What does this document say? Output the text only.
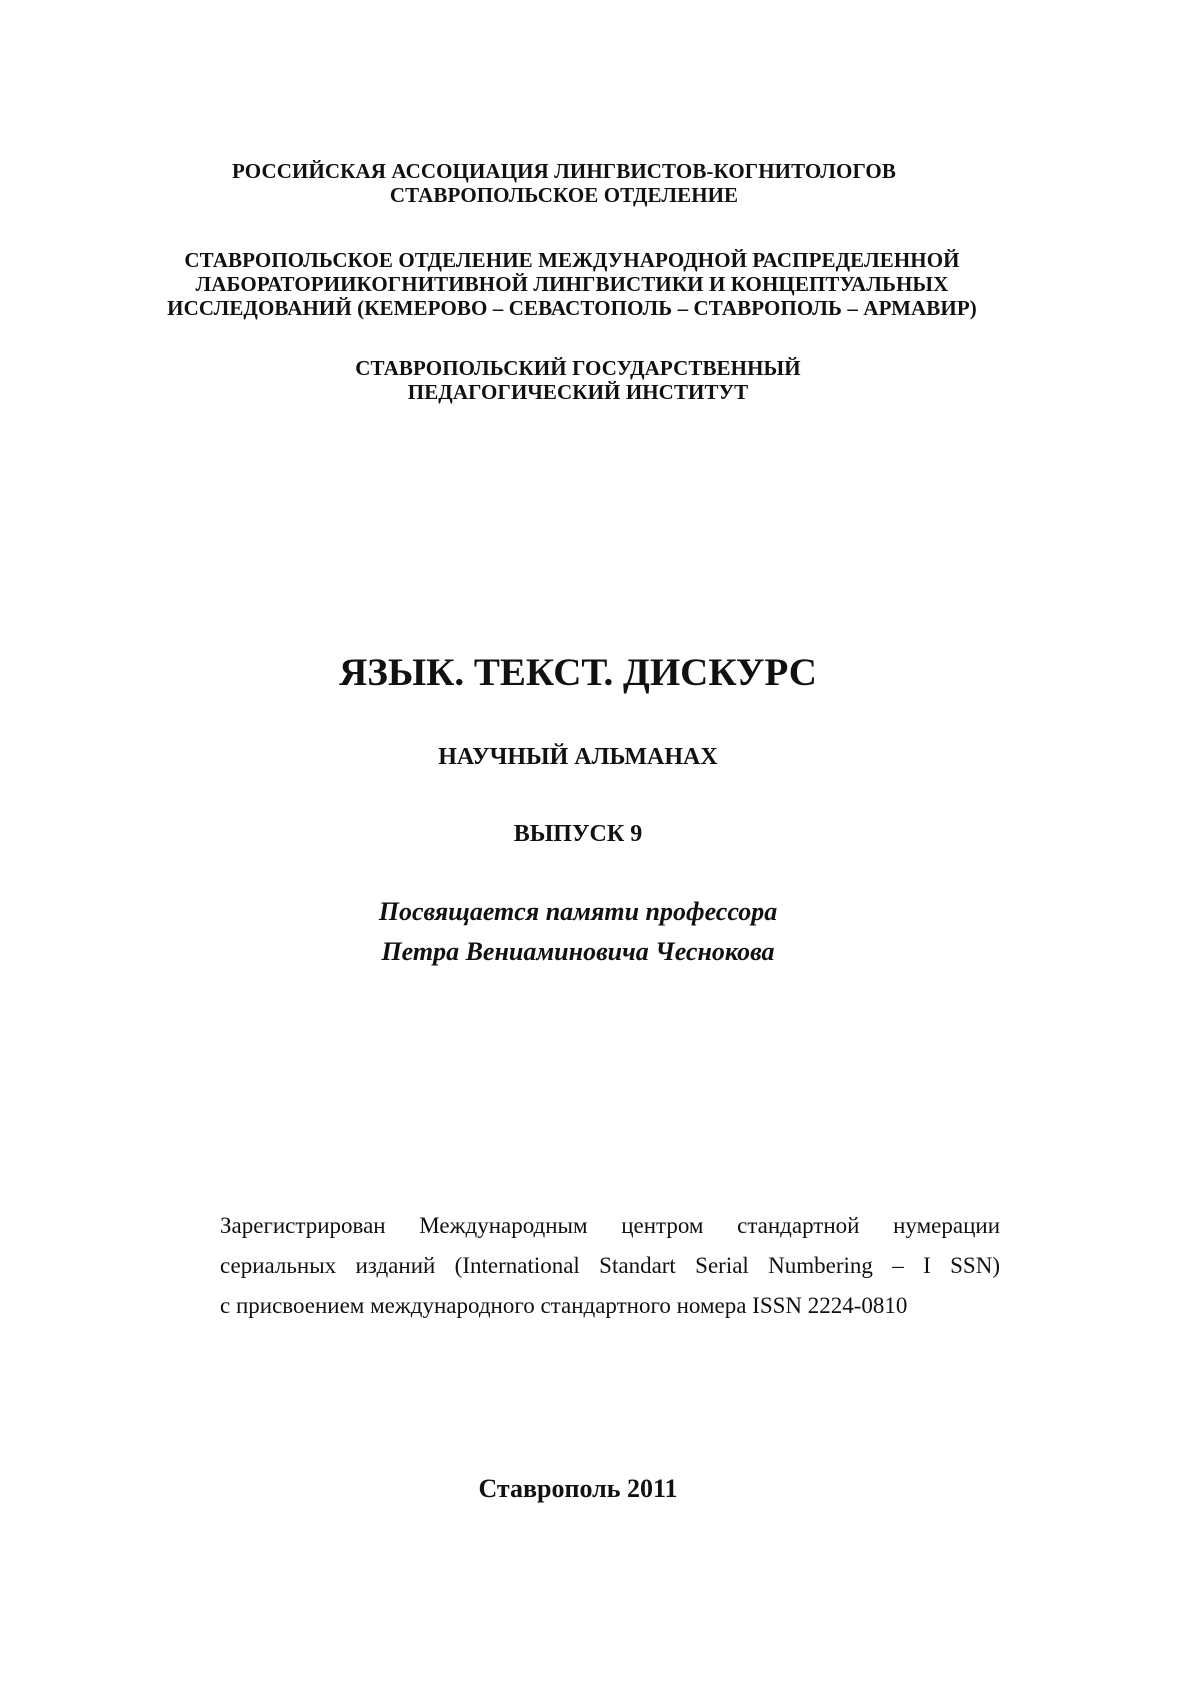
РОССИЙСКАЯ АССОЦИАЦИЯ ЛИНГВИСТОВ-КОГНИТОЛОГОВ
СТАВРОПОЛЬСКОЕ ОТДЕЛЕНИЕ
СТАВРОПОЛЬСКОЕ ОТДЕЛЕНИЕ МЕЖДУНАРОДНОЙ РАСПРЕДЕЛЕННОЙ
ЛАБОРАТОРИИКОГНИТИВНОЙ ЛИНГВИСТИКИ И КОНЦЕПТУАЛЬНЫХ
ИССЛЕДОВАНИЙ (КЕМЕРОВО – СЕВАСТОПОЛЬ – СТАВРОПОЛЬ – АРМАВИР)
СТАВРОПОЛЬСКИЙ ГОСУДАРСТВЕННЫЙ
ПЕДАГОГИЧЕСКИЙ ИНСТИТУТ
ЯЗЫК. ТЕКСТ. ДИСКУРС
НАУЧНЫЙ АЛЬМАНАХ
ВЫПУСК 9
Посвящается памяти профессора
Петра Вениаминовича Чеснокова
Зарегистрирован Международным центром стандартной нумерации
сериальных изданий (International Standart Serial Numbering – I SSN)
с присвоением международного стандартного номера ISSN 2224-0810
Ставрополь 2011
